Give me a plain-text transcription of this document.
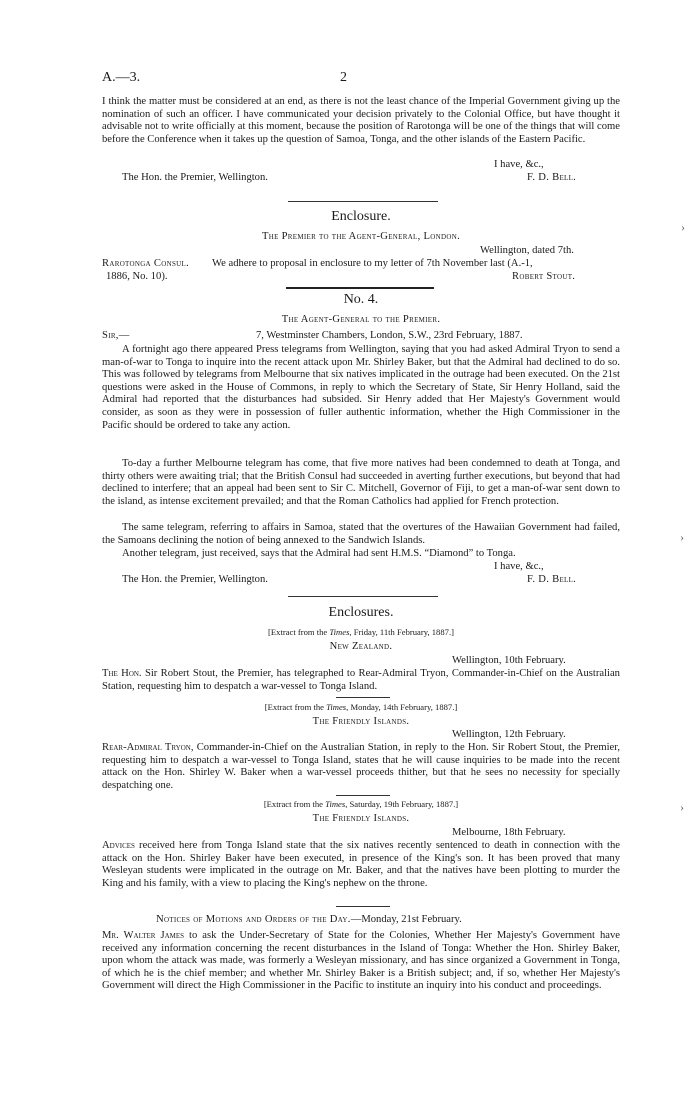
A.—3.	2
I think the matter must be considered at an end, as there is not the least chance of the Imperial Government giving up the nomination of such an officer. I have communicated your decision privately to the Colonial Office, but have thought it advisable not to write officially at this moment, because the position of Rarotonga will be one of the things that will come before the Conference when it takes up the question of Samoa, Tonga, and the other islands of the Eastern Pacific.
I have, &c.,
The Hon. the Premier, Wellington.	F. D. Bell.
Enclosure.
The Premier to the Agent-General, London.
Wellington, dated 7th.
Rarotonga Consul. We adhere to proposal in enclosure to my letter of 7th November last (A.-1,
1886, No. 10).	Robert Stout.
No. 4.
The Agent-General to the Premier.
Sir,—	7, Westminster Chambers, London, S.W., 23rd February, 1887.
A fortnight ago there appeared Press telegrams from Wellington, saying that you had asked Admiral Tryon to send a man-of-war to Tonga to inquire into the recent attack upon Mr. Shirley Baker, but that the Admiral had declined to do so. This was followed by telegrams from Melbourne that six natives implicated in the outrage had been executed. On the 21st questions were asked in the House of Commons, in reply to which the Secretary of State, Sir Henry Holland, said the Admiral had reported that the disturbances had subsided. Sir Henry added that Her Majesty's Government would consider, as soon as they were in possession of fuller authentic information, whether the High Commissioner in the Pacific should be ordered to take any action.
To-day a further Melbourne telegram has come, that five more natives had been condemned to death at Tonga, and thirty others were awaiting trial; that the British Consul had succeeded in averting further executions, but beyond that had declined to interfere; that an appeal had been sent to Sir C. Mitchell, Governor of Fiji, to get a man-of-war sent down to the island, as intense excitement prevailed; and that the Roman Catholics had applied for French protection.
The same telegram, referring to affairs in Samoa, stated that the overtures of the Hawaiian Government had failed, the Samoans declining the notion of being annexed to the Sandwich Islands.
Another telegram, just received, says that the Admiral had sent H.M.S. “Diamond” to Tonga.
I have, &c.,
The Hon. the Premier, Wellington.	F. D. Bell.
Enclosures.
[Extract from the Times, Friday, 11th February, 1887.]
New Zealand.
Wellington, 10th February.
The Hon. Sir Robert Stout, the Premier, has telegraphed to Rear-Admiral Tryon, Commander-in-Chief on the Australian Station, requesting him to despatch a war-vessel to Tonga Island.
[Extract from the Times, Monday, 14th February, 1887.]
The Friendly Islands.
Wellington, 12th February.
Rear-Admiral Tryon, Commander-in-Chief on the Australian Station, in reply to the Hon. Sir Robert Stout, the Premier, requesting him to despatch a war-vessel to Tonga Island, states that he will cause inquiries to be made into the recent attack on the Hon. Shirley W. Baker when a war-vessel proceeds thither, but that he sees no necessity for specially despatching one.
[Extract from the Times, Saturday, 19th February, 1887.]
The Friendly Islands.
Melbourne, 18th February.
Advices received here from Tonga Island state that the six natives recently sentenced to death in connection with the attack on the Hon. Shirley Baker have been executed, in presence of the King's son. It has been proved that many Wesleyan students were implicated in the outrage on Mr. Baker, and that the natives have been plotting to murder the King and his family, with a view to placing the King's nephew on the throne.
Notices of Motions and Orders of the Day.—Monday, 21st February.
Mr. Walter James to ask the Under-Secretary of State for the Colonies, Whether Her Majesty's Government have received any information concerning the recent disturbances in the Island of Tonga: Whether the Hon. Shirley Baker, upon whom the attack was made, was formerly a Wesleyan missionary, and has since organized a Government in Tonga, of which he is the chief member; and whether Mr. Shirley Baker is a British subject; and, if so, whether Her Majesty's Government will direct the High Commissioner in the Pacific to institute an inquiry into his conduct and proceedings.
›
›
›
